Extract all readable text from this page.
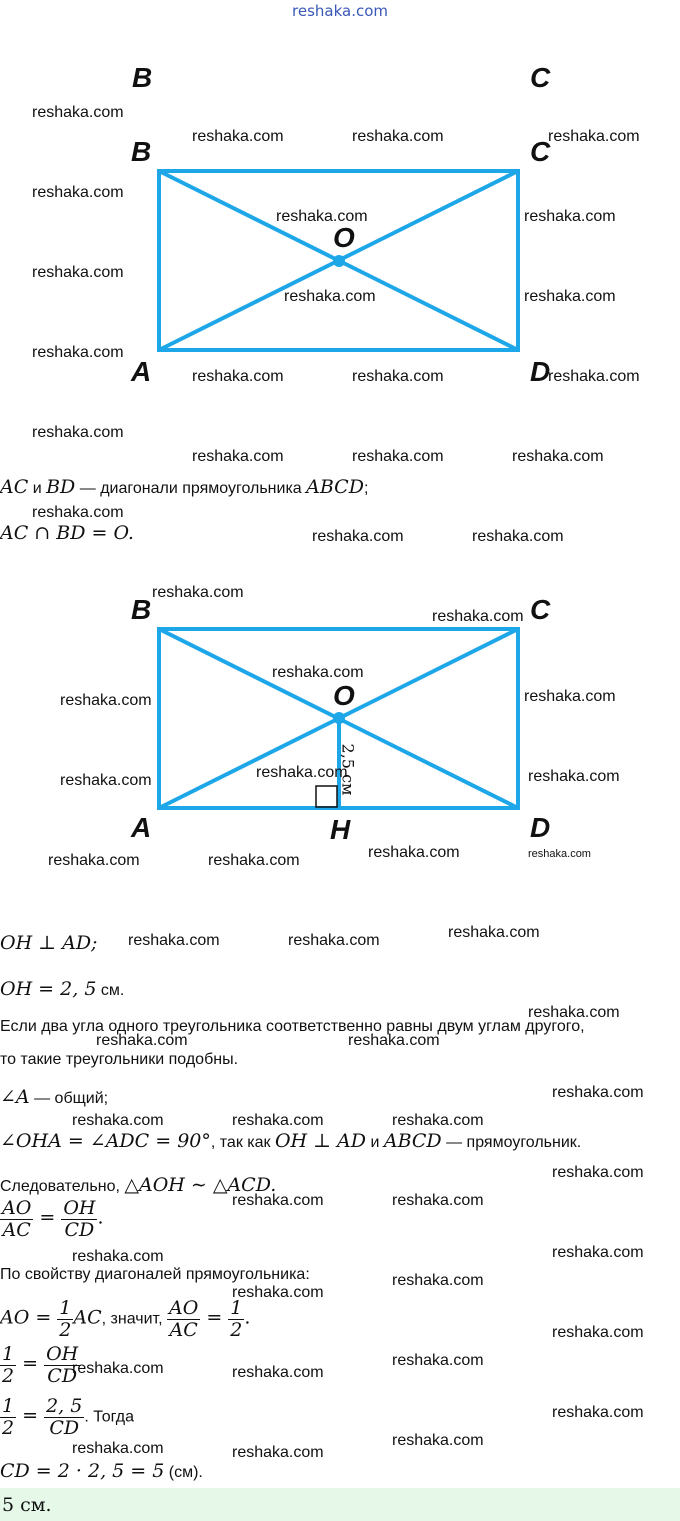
reshaka.com
B	C
B	C
A	D
O
AC и BD — диагонали прямоугольника ABCD;
AC ∩ BD = O.
B	C
A	D
H
O
2,5 см
OH ⊥ AD;
OH = 2, 5 см.
Если два угла одного треугольника соответственно равны двум углам другого,
то такие треугольники подобны.
∠A — общий;
∠OHA = ∠ADC = 90°, так как OH ⊥ AD и ABCD — прямоугольник.
Следовательно, △AOH ∼ △ACD.
$\frac{AO}{AC} = \frac{OH}{CD}$ .
По свойству диагоналей прямоугольника:
AO = $\frac{1}{2}$ AC, значит, $\frac{AO}{AC} = \frac{1}{2}$ .
$\frac{1}{2} = \frac{OH}{CD}$
$\frac{1}{2} = \frac{2, 5}{CD}$ . Тогда
CD = 2 · 2, 5 = 5 (см).
5 см.
reshaka.com
reshaka.com	reshaka.com	reshaka.com
reshaka.com
reshaka.com	reshaka.com
reshaka.com
reshaka.com	reshaka.com
reshaka.com
reshaka.com	reshaka.com	reshaka.com
reshaka.com
reshaka.com	reshaka.com	reshaka.com
reshaka.com
reshaka.com	reshaka.com
reshaka.com
reshaka.com
reshaka.com
reshaka.com	reshaka.com
reshaka.com
reshaka.com	reshaka.com
reshaka.com
reshaka.com	reshaka.com	reshaka.com
reshaka.com	reshaka.com	reshaka.com
reshaka.com
reshaka.com	reshaka.com
reshaka.com
reshaka.com	reshaka.com	reshaka.com
reshaka.com
reshaka.com	reshaka.com
reshaka.com	reshaka.com
reshaka.com
reshaka.com
reshaka.com
reshaka.com
reshaka.com	reshaka.com
reshaka.com
reshaka.com
reshaka.com	reshaka.com
